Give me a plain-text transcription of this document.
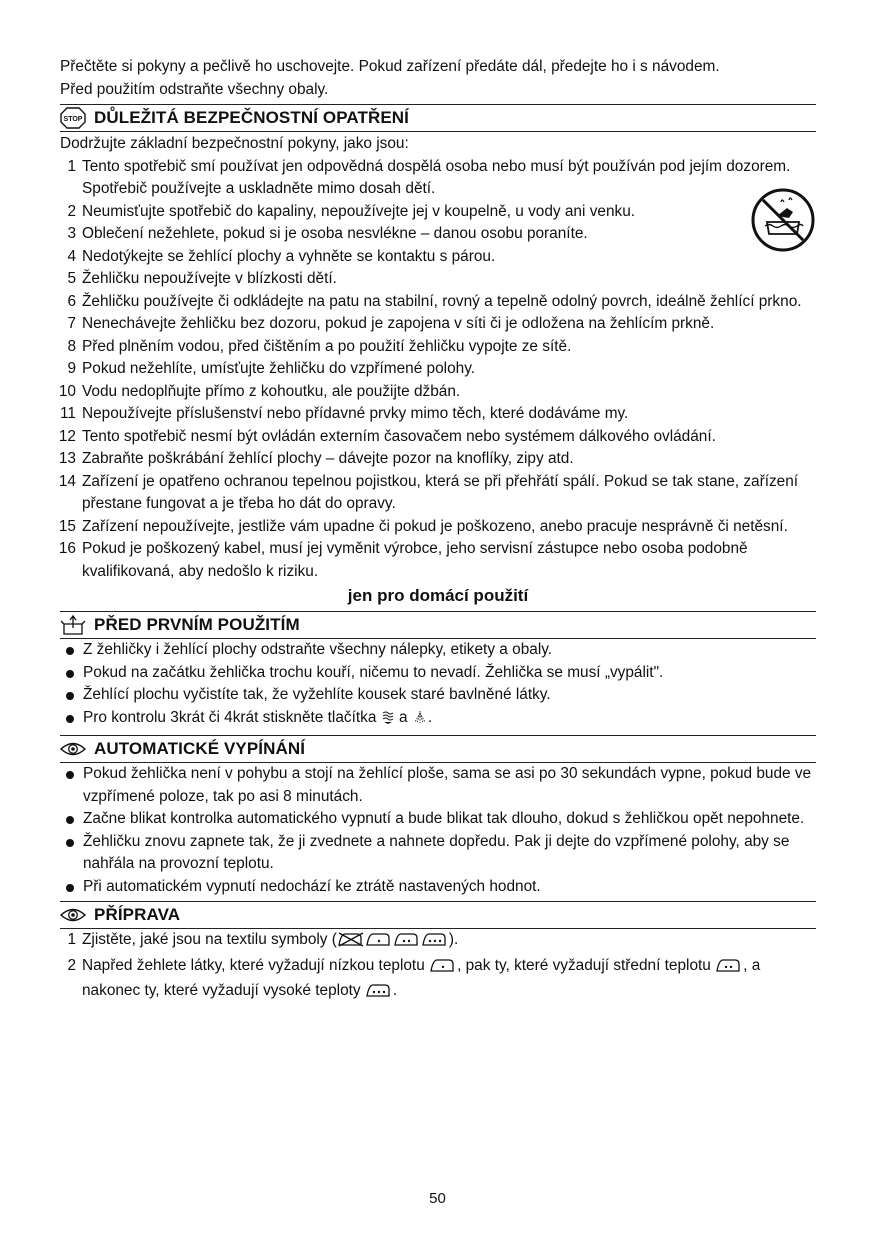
Přečtěte si pokyny a pečlivě ho uschovejte. Pokud zařízení předáte dál, předejte ho i s návodem.

Před použitím odstraňte všechny obaly.

STOP DŮLEŽITÁ BEZPEČNOSTNÍ OPATŘENÍ

Dodržujte základní bezpečnostní pokyny, jako jsou:

1 Tento spotřebič smí používat jen odpovědná dospělá osoba nebo musí být používán pod jejím dozorem. Spotřebič používejte a uskladněte mimo dosah dětí.
2 Neumisťujte spotřebič do kapaliny, nepoužívejte jej v koupelně, u vody ani venku.
3 Oblečení nežehlete, pokud si je osoba nesvlékne – danou osobu poraníte.
4 Nedotýkejte se žehlící plochy a vyhněte se kontaktu s párou.
5 Žehličku nepoužívejte v blízkosti dětí.
6 Žehličku používejte či odkládejte na patu na stabilní, rovný a tepelně odolný povrch, ideálně žehlící prkno.
7 Nenechávejte žehličku bez dozoru, pokud je zapojena v síti či je odložena na žehlícím prkně.
8 Před plněním vodou, před čištěním a po použití žehličku vypojte ze sítě.
9 Pokud nežehlíte, umísťujte žehličku do vzpřímené polohy.
10 Vodu nedoplňujte přímo z kohoutku, ale použijte džbán.
11 Nepoužívejte příslušenství nebo přídavné prvky mimo těch, které dodáváme my.
12 Tento spotřebič nesmí být ovládán externím časovačem nebo systémem dálkového ovládání.
13 Zabraňte poškrábání žehlící plochy – dávejte pozor na knoflíky, zipy atd.
14 Zařízení je opatřeno ochranou tepelnou pojistkou, která se při přehřátí spálí. Pokud se tak stane, zařízení přestane fungovat a je třeba ho dát do opravy.
15 Zařízení nepoužívejte, jestliže vám upadne či pokud je poškozeno, anebo pracuje nesprávně či netěsní.
16 Pokud je poškozený kabel, musí jej vyměnit výrobce, jeho servisní zástupce nebo osoba podobně kvalifikovaná, aby nedošlo k riziku.

jen pro domácí použití

PŘED PRVNÍM POUŽITÍM
Z žehličky i žehlící plochy odstraňte všechny nálepky, etikety a obaly.
Pokud na začátku žehlička trochu kouří, ničemu to nevadí. Žehlička se musí „vypálit".
Žehlící plochu vyčistíte tak, že vyžehlíte kousek staré bavlněné látky.
Pro kontrolu 3krát či 4krát stiskněte tlačítka a .
AUTOMATICKÉ VYPÍNÁNÍ
Pokud žehlička není v pohybu a stojí na žehlící ploše, sama se asi po 30 sekundách vypne, pokud bude ve vzpřímené poloze, tak po asi 8 minutách.
Začne blikat kontrolka automatického vypnutí a bude blikat tak dlouho, dokud s žehličkou opět nepohnete.
Žehličku znovu zapnete tak, že ji zvednete a nahnete dopředu. Pak ji dejte do vzpřímené polohy, aby se nahřála na provozní teplotu.
Při automatickém vypnutí nedochází ke ztrátě nastavených hodnot.
PŘÍPRAVA
1 Zjistěte, jaké jsou na textilu symboly (	).
2 Napřed žehlete látky, které vyžadují nízkou teplotu , pak ty, které vyžadují střední teplotu , a nakonec ty, které vyžadují vysoké teploty .
50
